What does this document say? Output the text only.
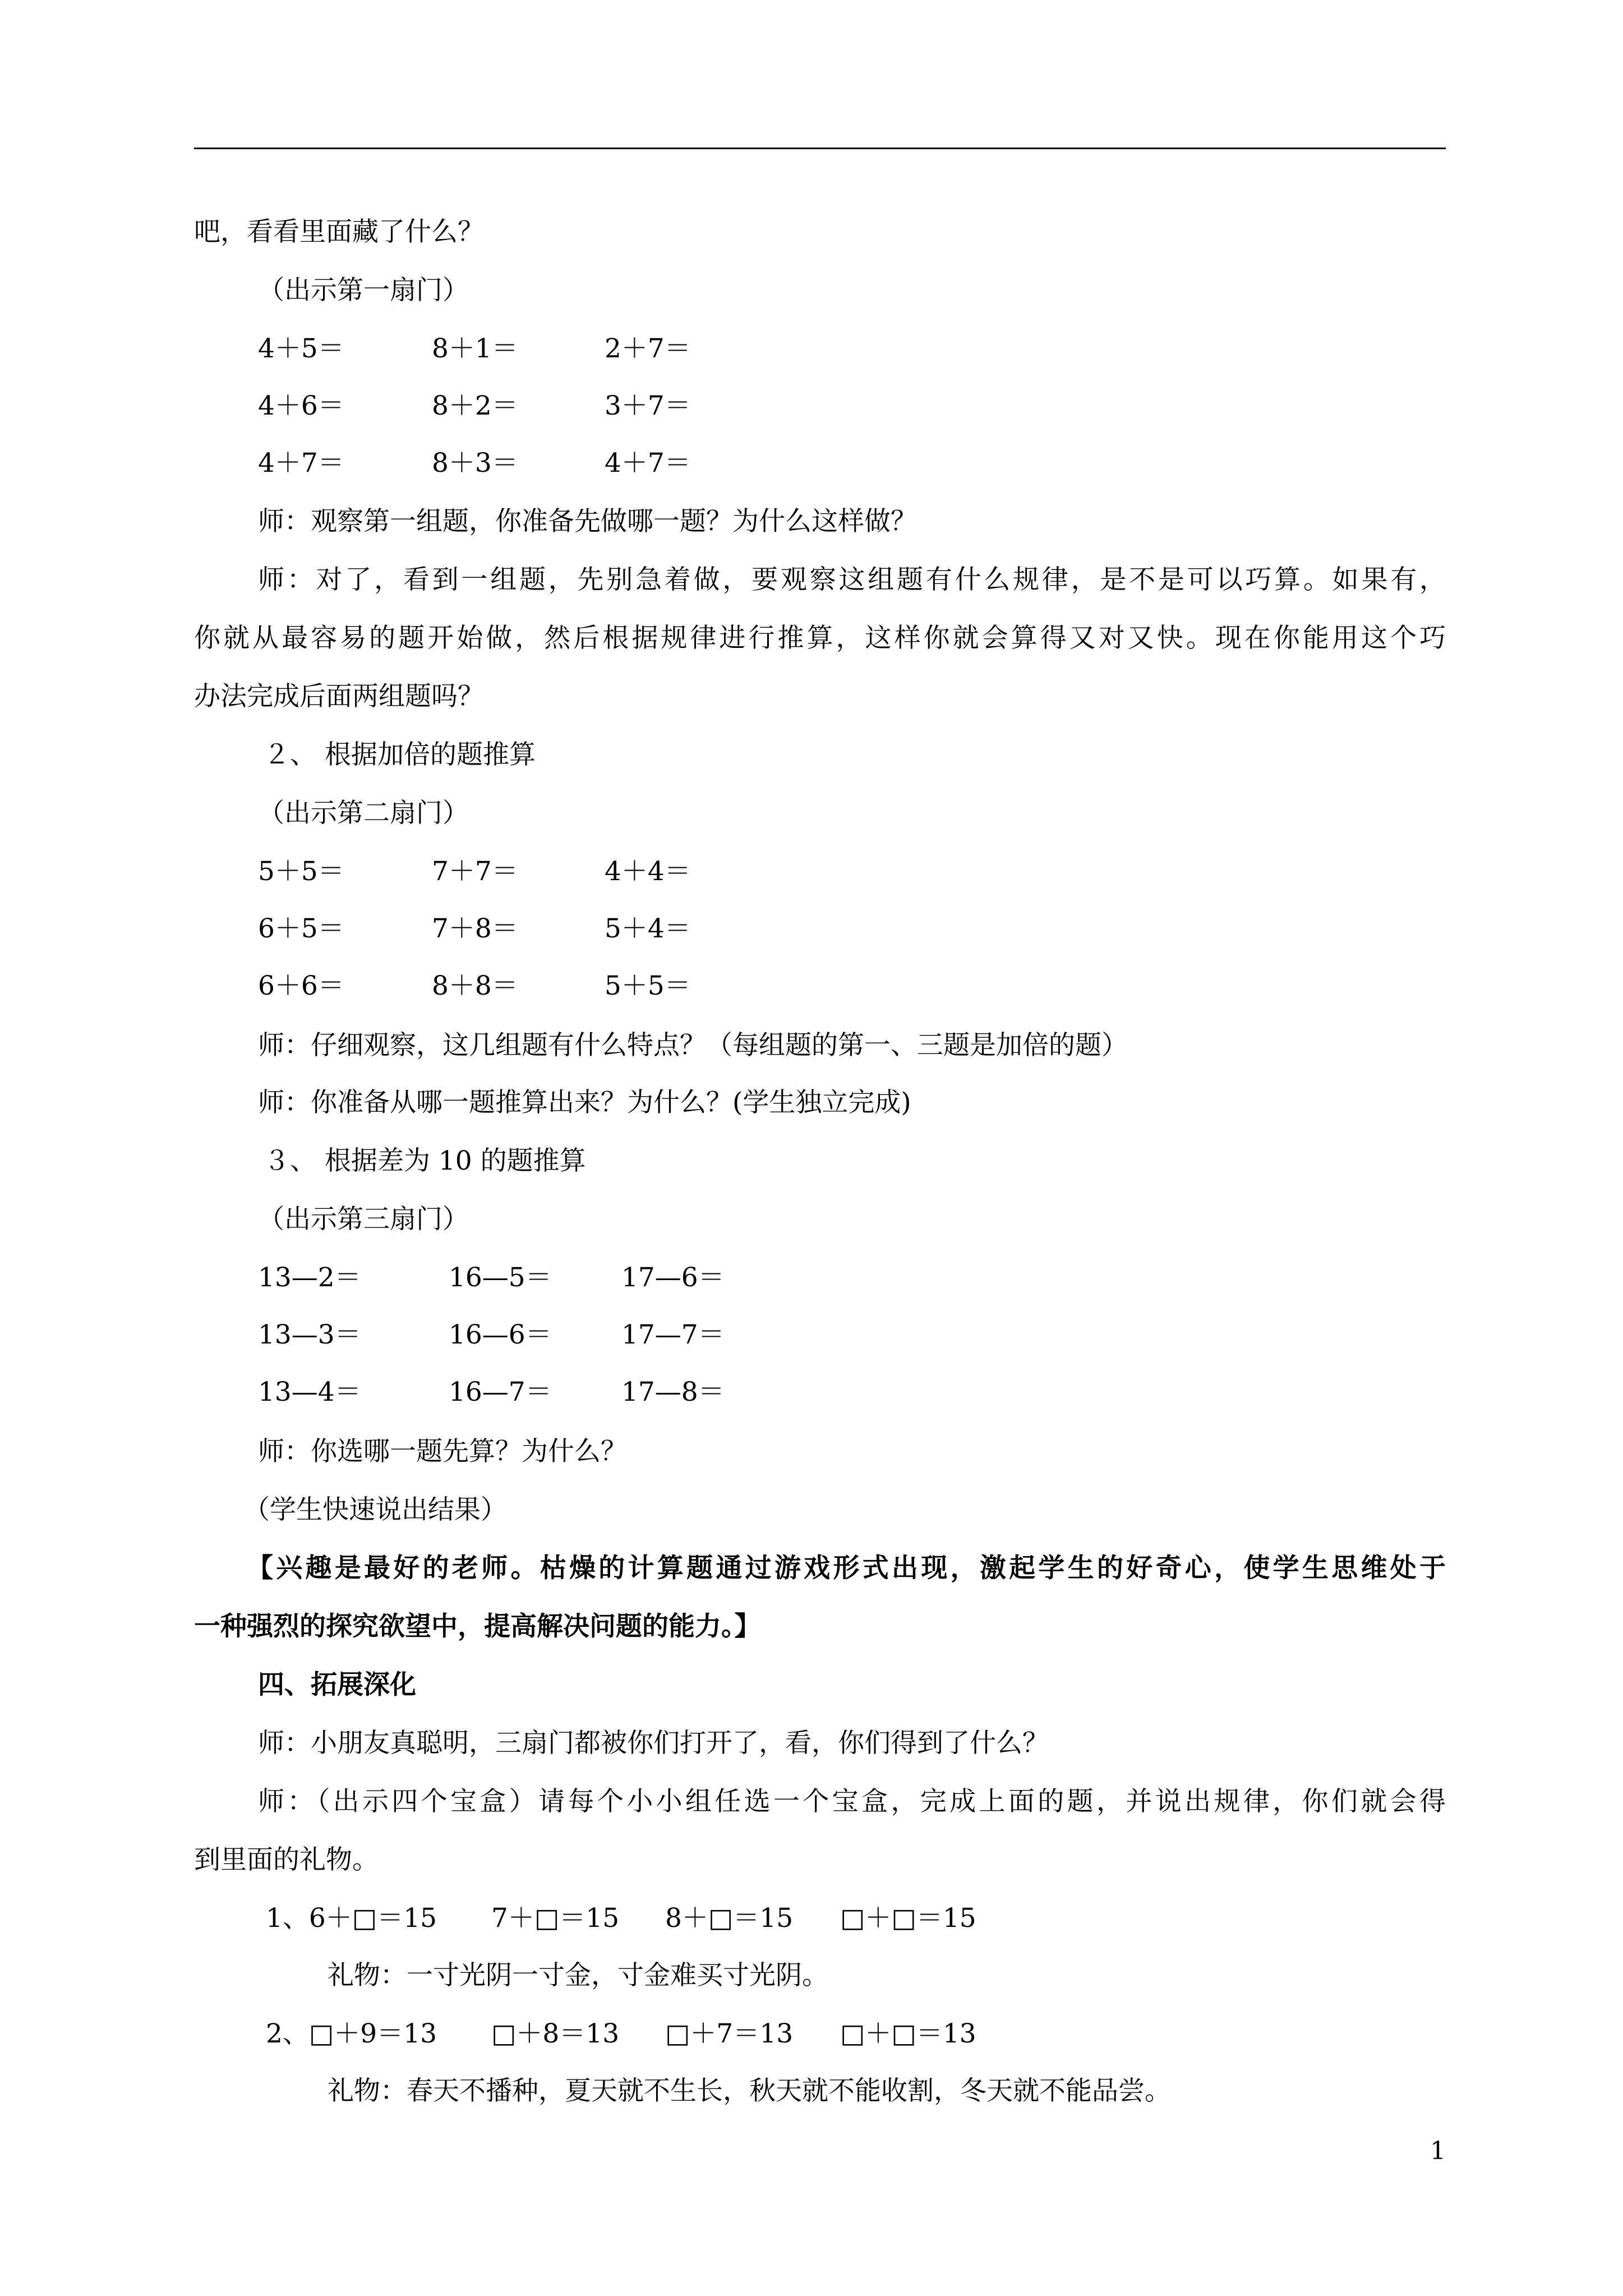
吧，看看里面藏了什么？
（出示第一扇门）
4＋5＝	8＋1＝	2＋7＝
4＋6＝	8＋2＝	3＋7＝
4＋7＝	8＋3＝	4＋7＝
师：观察第一组题，你准备先做哪一题？为什么这样做？
师：对了，看到一组题，先别急着做，要观察这组题有什么规律，是不是可以巧算。如果有，
你就从最容易的题开始做，然后根据规律进行推算，这样你就会算得又对又快。现在你能用这个巧
办法完成后面两组题吗？
２、 根据加倍的题推算
（出示第二扇门）
5＋5＝	7＋7＝	4＋4＝
6＋5＝	7＋8＝	5＋4＝
6＋6＝	8＋8＝	5＋5＝
师：仔细观察，这几组题有什么特点？（每组题的第一、三题是加倍的题）
师：你准备从哪一题推算出来？为什么？(学生独立完成)
３、 根据差为 10 的题推算
（出示第三扇门）
13—2＝	16—5＝	17—6＝
13—3＝	16—6＝	17—7＝
13—4＝	16—7＝	17—8＝
师：你选哪一题先算？为什么？
（学生快速说出结果）
【兴趣是最好的老师。枯燥的计算题通过游戏形式出现，激起学生的好奇心，使学生思维处于
一种强烈的探究欲望中，提高解决问题的能力。】
四、拓展深化
师：小朋友真聪明，三扇门都被你们打开了，看，你们得到了什么？
师：（出示四个宝盒）请每个小小组任选一个宝盒，完成上面的题，并说出规律，你们就会得
到里面的礼物。
1、6＋□＝15 7＋□＝15 8＋□＝15 □＋□＝15
礼物：一寸光阴一寸金，寸金难买寸光阴。
2、□＋9＝13 □＋8＝13 □＋7＝13 □＋□＝13
礼物：春天不播种，夏天就不生长，秋天就不能收割，冬天就不能品尝。
1
